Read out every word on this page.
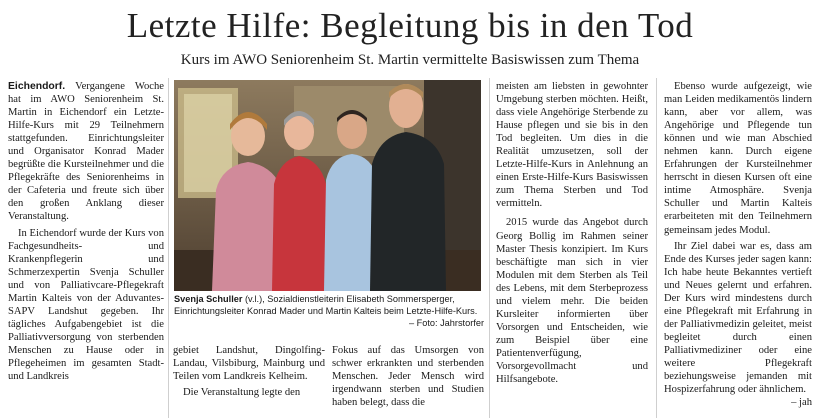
Letzte Hilfe: Begleitung bis in den Tod
Kurs im AWO Seniorenheim St. Martin vermittelte Basiswissen zum Thema

Eichendorf. Vergangene Woche hat im AWO Seniorenheim St. Martin in Eichendorf ein Letzte-Hilfe-Kurs mit 29 Teilnehmern stattgefunden. Einrichtungsleiter und Organisator Konrad Mader begrüßte die Kursteilnehmer und die Pflegekräfte des Seniorenheims in der Cafeteria und freute sich über den großen Anklang dieser Veranstaltung.

In Eichendorf wurde der Kurs von Fachgesundheits- und Krankenpflegerin und Schmerzexpertin Svenja Schuller und von Palliativcare-Pflegekraft Martin Kalteis von der Aduvantes-SAPV Landshut gegeben. Ihr tägliches Aufgabengebiet ist die Palliativversorgung von sterbenden Menschen zu Hause oder in Pflegeheimen im gesamten Stadt- und Landkreis

Svenja Schuller (v.l.), Sozialdienstleiterin Elisabeth Sommersperger, Einrichtungsleiter Konrad Mader und Martin Kalteis beim Letzte-Hilfe-Kurs.
– Foto: Jahrstorfer

gebiet Landshut, Dingolfing-Landau, Vilsbiburg, Mainburg und Teilen vom Landkreis Kelheim.

Die Veranstaltung legte den

Fokus auf das Umsorgen von schwer erkrankten und sterbenden Menschen. Jeder Mensch wird irgendwann sterben und Studien haben belegt, dass die

meisten am liebsten in gewohnter Umgebung sterben möchten. Heißt, dass viele Angehörige Sterbende zu Hause pflegen und sie bis in den Tod begleiten. Um dies in die Realität umzusetzen, soll der Letzte-Hilfe-Kurs in Anlehnung an einen Erste-Hilfe-Kurs Basiswissen zum Thema Sterben und Tod vermitteln.

2015 wurde das Angebot durch Georg Bollig im Rahmen seiner Master Thesis konzipiert. Im Kurs beschäftigte man sich in vier Modulen mit dem Sterben als Teil des Lebens, mit dem Sterbeprozess und vielem mehr. Die beiden Kursleiter informierten über Vorsorgen und Entscheiden, wie zum Beispiel über eine Patientenverfügung, Vorsorgevollmacht und Hilfsangebote.

Ebenso wurde aufgezeigt, wie man Leiden medikamentös lindern kann, aber vor allem, was Angehörige und Pflegende tun können und wie man Abschied nehmen kann. Durch eigene Erfahrungen der Kursteilnehmer herrscht in diesen Kursen oft eine intime Atmosphäre. Svenja Schuller und Martin Kalteis erarbeiteten mit den Teilnehmern gemeinsam jedes Modul.

Ihr Ziel dabei war es, dass am Ende des Kurses jeder sagen kann: Ich habe heute Bekanntes vertieft und Neues gelernt und erfahren. Der Kurs wird mindestens durch eine Pflegekraft mit Erfahrung in der Palliativmedizin geleitet, meist begleitet durch einen Palliativmediziner oder eine weitere Pflegekraft beziehungsweise jemanden mit Hospizerfahrung oder ähnlichem.

– jah
